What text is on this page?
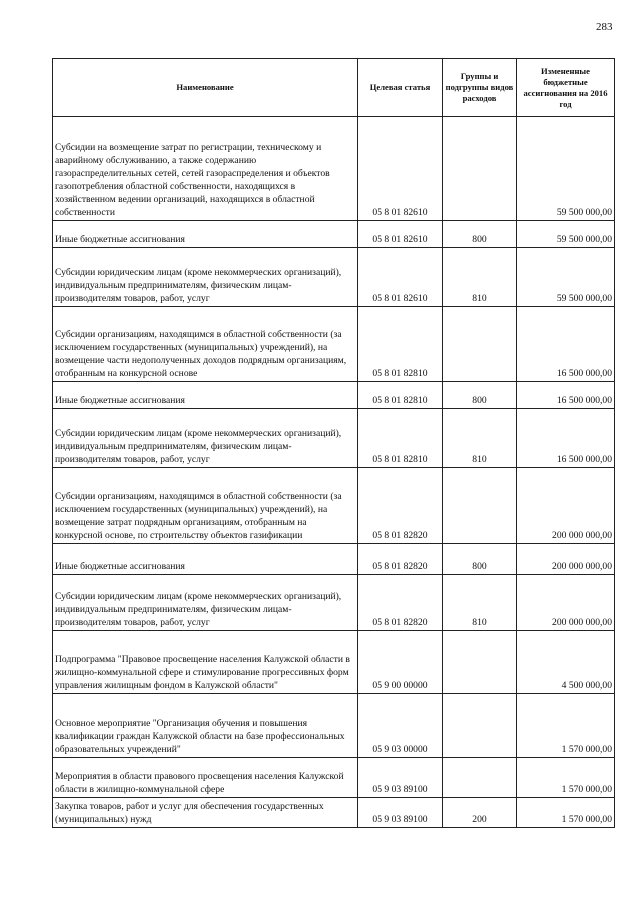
283
Наименование	Целевая статья	Группы и подгруппы видов расходов	Измененные бюджетные ассигнования на 2016 год
Субсидии на возмещение затрат по регистрации, техническому и аварийному обслуживанию, а также содержанию газораспределительных сетей, сетей газораспределения и объектов газопотребления областной собственности, находящихся в хозяйственном ведении организаций, находящихся в областной собственности	05 8 01 82610		59 500 000,00
Иные бюджетные ассигнования	05 8 01 82610	800	59 500 000,00
Субсидии юридическим лицам (кроме некоммерческих организаций), индивидуальным предпринимателям, физическим лицам-производителям товаров, работ, услуг	05 8 01 82610	810	59 500 000,00
Субсидии организациям, находящимся в областной собственности (за исключением государственных (муниципальных) учреждений), на возмещение части недополученных доходов подрядным организациям, отобранным на конкурсной основе	05 8 01 82810		16 500 000,00
Иные бюджетные ассигнования	05 8 01 82810	800	16 500 000,00
Субсидии юридическим лицам (кроме некоммерческих организаций), индивидуальным предпринимателям, физическим лицам-производителям товаров, работ, услуг	05 8 01 82810	810	16 500 000,00
Субсидии организациям, находящимся в областной собственности (за исключением государственных (муниципальных) учреждений), на возмещение затрат подрядным организациям, отобранным на конкурсной основе, по строительству объектов газификации	05 8 01 82820		200 000 000,00
Иные бюджетные ассигнования	05 8 01 82820	800	200 000 000,00
Субсидии юридическим лицам (кроме некоммерческих организаций), индивидуальным предпринимателям, физическим лицам-производителям товаров, работ, услуг	05 8 01 82820	810	200 000 000,00
Подпрограмма "Правовое просвещение населения Калужской области в жилищно-коммунальной сфере и стимулирование прогрессивных форм управления жилищным фондом в Калужской области"	05 9 00 00000		4 500 000,00
Основное мероприятие "Организация обучения и повышения квалификации граждан Калужской области на базе профессиональных образовательных учреждений"	05 9 03 00000		1 570 000,00
Мероприятия в области правового просвещения населения Калужской области в жилищно-коммунальной сфере	05 9 03 89100		1 570 000,00
Закупка товаров, работ и услуг для обеспечения государственных (муниципальных) нужд	05 9 03 89100	200	1 570 000,00
